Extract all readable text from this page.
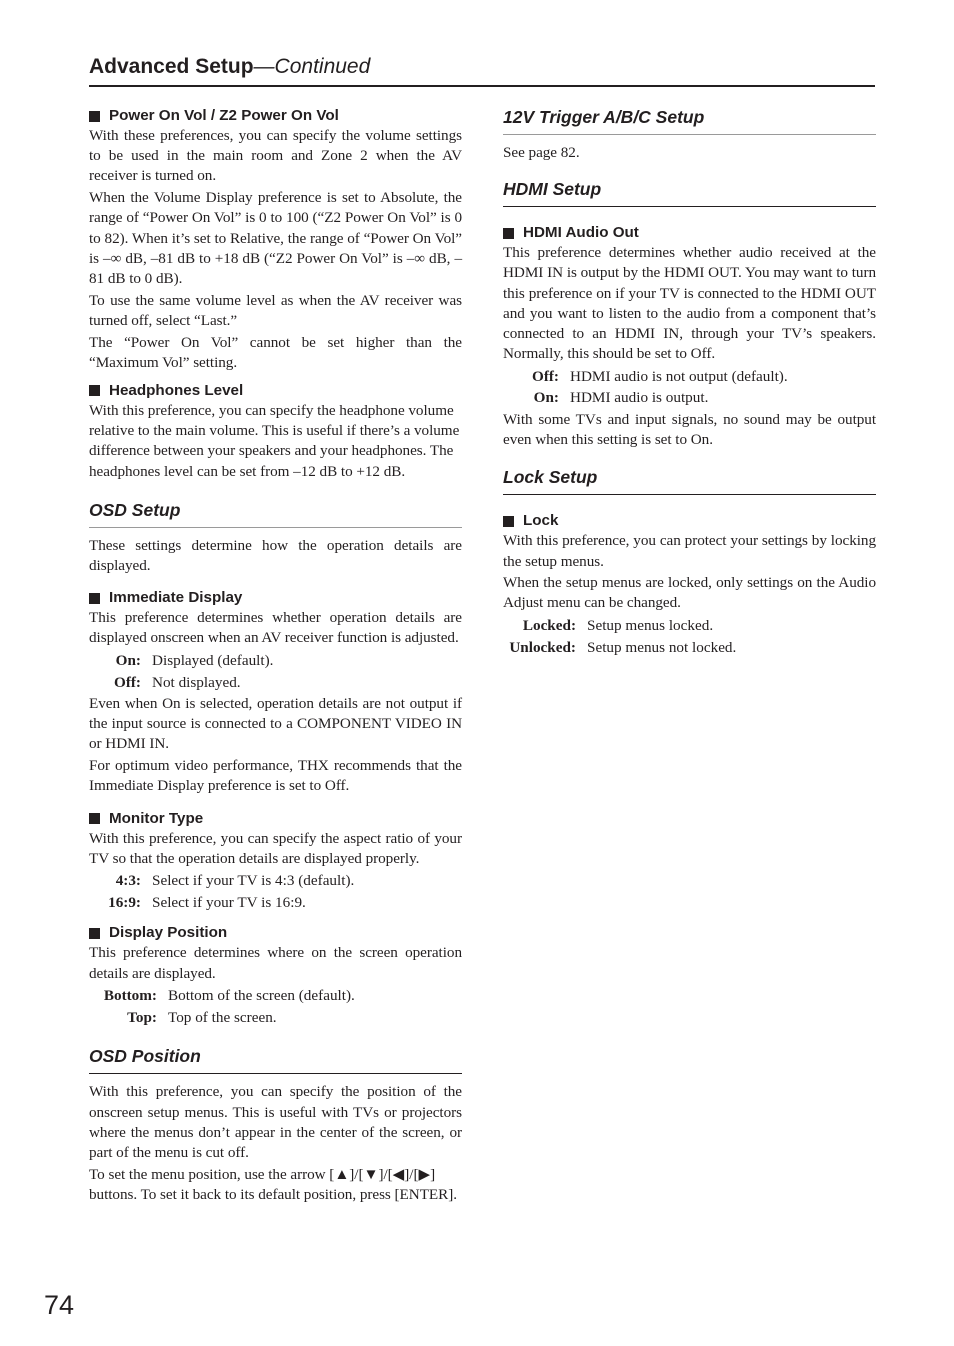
Advanced Setup—Continued
Power On Vol / Z2 Power On Vol

With these preferences, you can specify the volume settings to be used in the main room and Zone 2 when the AV receiver is turned on.

When the Volume Display preference is set to Absolute, the range of “Power On Vol” is 0 to 100 (“Z2 Power On Vol” is 0 to 82). When it’s set to Relative, the range of “Power On Vol” is –∞ dB, –81 dB to +18 dB (“Z2 Power On Vol” is –∞ dB, –81 dB to 0 dB).

To use the same volume level as when the AV receiver was turned off, select “Last.”

The “Power On Vol” cannot be set higher than the “Maximum Vol” setting.

Headphones Level

With this preference, you can specify the headphone volume relative to the main volume. This is useful if there’s a volume difference between your speakers and your headphones. The headphones level can be set from –12 dB to +12 dB.

OSD Setup

These settings determine how the operation details are displayed.

Immediate Display

This preference determines whether operation details are displayed onscreen when an AV receiver function is adjusted.

On: Displayed (default).
Off: Not displayed.

Even when On is selected, operation details are not output if the input source is connected to a COMPONENT VIDEO IN or HDMI IN.

For optimum video performance, THX recommends that the Immediate Display preference is set to Off.

Monitor Type

With this preference, you can specify the aspect ratio of your TV so that the operation details are displayed properly.

4:3: Select if your TV is 4:3 (default).
16:9: Select if your TV is 16:9.
Display Position

This preference determines where on the screen operation details are displayed.

Bottom: Bottom of the screen (default).
Top: Top of the screen.
OSD Position

With this preference, you can specify the position of the onscreen setup menus. This is useful with TVs or projectors where the menus don’t appear in the center of the screen, or part of the menu is cut off.

To set the menu position, use the arrow [▲]/[▼]/[◀]/[▶] buttons. To set it back to its default position, press [ENTER].

12V Trigger A/B/C Setup

See page 82.

HDMI Setup
HDMI Audio Out

This preference determines whether audio received at the HDMI IN is output by the HDMI OUT. You may want to turn this preference on if your TV is connected to the HDMI OUT and you want to listen to the audio from a component that’s connected to an HDMI IN, through your TV’s speakers. Normally, this should be set to Off.

Off: HDMI audio is not output (default).
On: HDMI audio is output.

With some TVs and input signals, no sound may be output even when this setting is set to On.

Lock Setup
Lock

With this preference, you can protect your settings by locking the setup menus.

When the setup menus are locked, only settings on the Audio Adjust menu can be changed.

Locked: Setup menus locked.
Unlocked: Setup menus not locked.
74
